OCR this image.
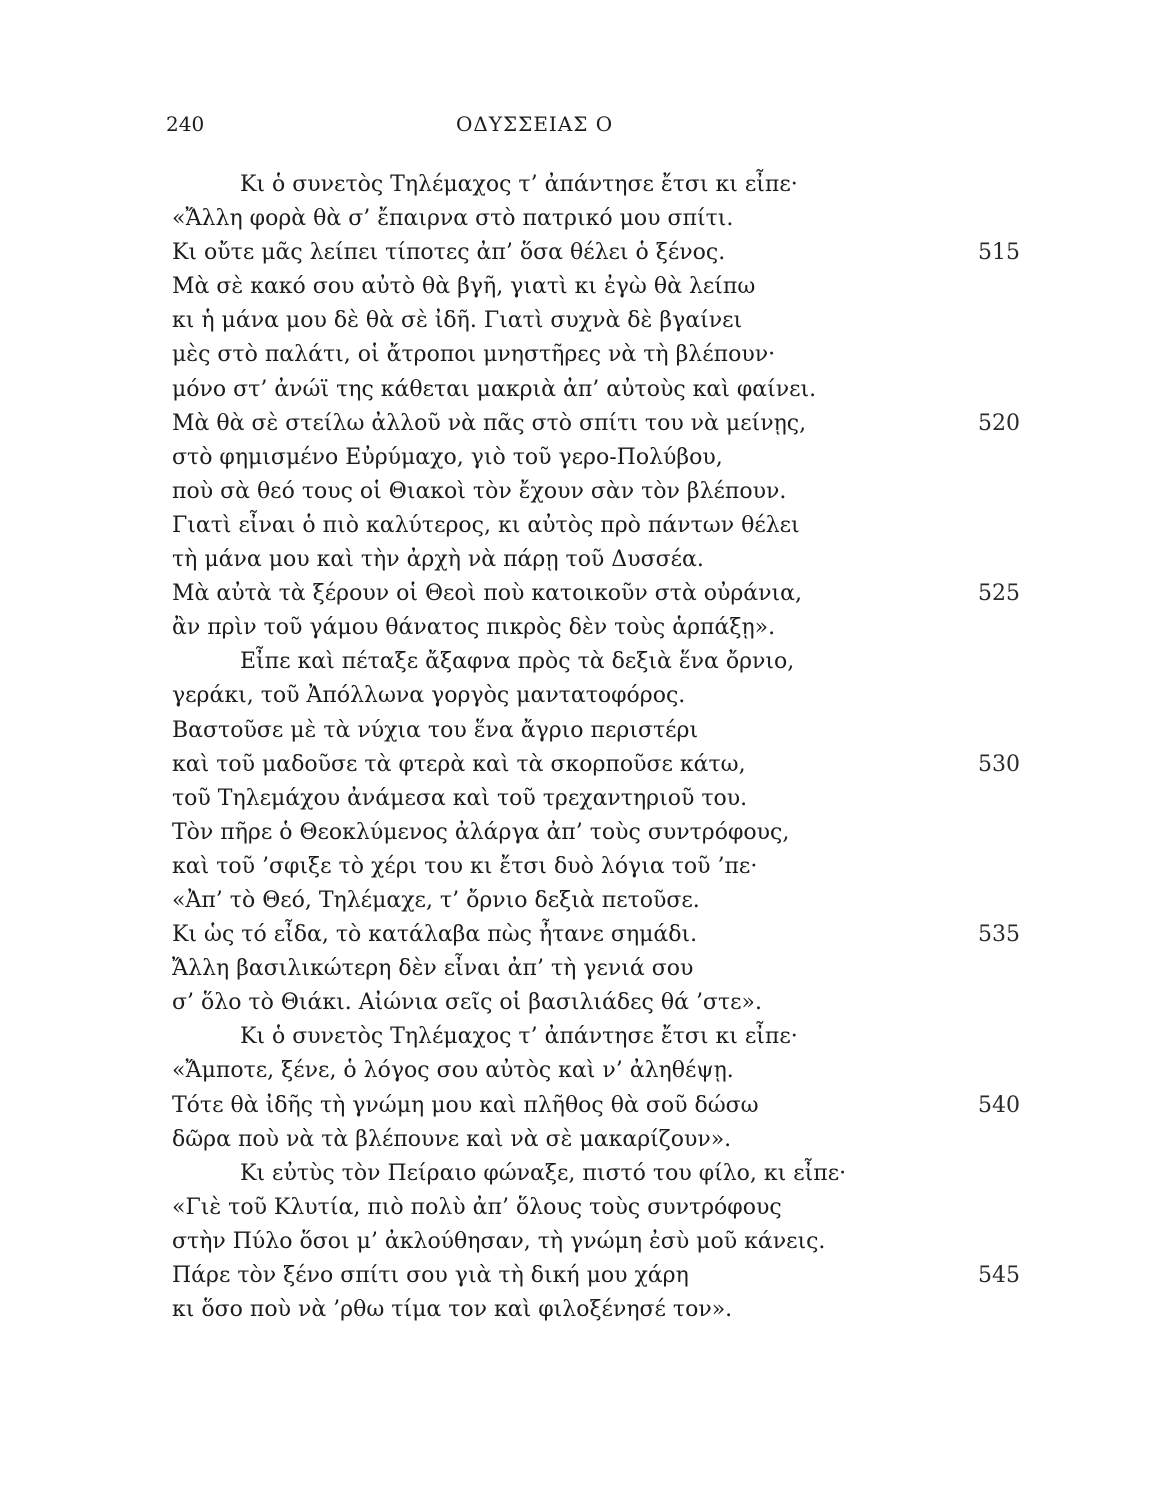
240	ΟΔΥΣΣΕΙΑΣ Ο
Κι ὁ συνετὸς Τηλέμαχος τ’ ἀπάντησε ἔτσι κι εἶπε·
«Ἄλλη φορὰ θὰ σ’ ἔπαιρνα στὸ πατρικό μου σπίτι.
Κι οὔτε μᾶς λείπει τίποτες ἀπ’ ὅσα θέλει ὁ ξένος.	515
Μὰ σὲ κακό σου αὐτὸ θὰ βγῆ, γιατὶ κι ἐγὼ θὰ λείπω
κι ἡ μάνα μου δὲ θὰ σὲ ἰδῆ. Γιατὶ συχνὰ δὲ βγαίνει
μὲς στὸ παλάτι, οἱ ἄτροποι μνηστῆρες νὰ τὴ βλέπουν·
μόνο στ’ ἀνώϊ της κάθεται μακριὰ ἀπ’ αὐτοὺς καὶ φαίνει.
Μὰ θὰ σὲ στείλω ἀλλοῦ νὰ πᾶς στὸ σπίτι του νὰ μείνῃς,	520
στὸ φημισμένο Εὐρύμαχο, γιὸ τοῦ γερο-Πολύβου,
ποὺ σὰ θεό τους οἱ Θιακοὶ τὸν ἔχουν σὰν τὸν βλέπουν.
Γιατὶ εἶναι ὁ πιὸ καλύτερος, κι αὐτὸς πρὸ πάντων θέλει
τὴ μάνα μου καὶ τὴν ἀρχὴ νὰ πάρῃ τοῦ Δυσσέα.
Μὰ αὐτὰ τὰ ξέρουν οἱ Θεοὶ ποὺ κατοικοῦν στὰ οὐράνια,	525
ἂν πρὶν τοῦ γάμου θάνατος πικρὸς δὲν τοὺς ἁρπάξῃ».
Εἶπε καὶ πέταξε ἄξαφνα πρὸς τὰ δεξιὰ ἕνα ὄρνιο,
γεράκι, τοῦ Ἀπόλλωνα γοργὸς μαντατοφόρος.
Βαστοῦσε μὲ τὰ νύχια του ἕνα ἄγριο περιστέρι
καὶ τοῦ μαδοῦσε τὰ φτερὰ καὶ τὰ σκορποῦσε κάτω,	530
τοῦ Τηλεμάχου ἀνάμεσα καὶ τοῦ τρεχαντηριοῦ του.
Τὸν πῆρε ὁ Θεοκλύμενος ἀλάργα ἀπ’ τοὺς συντρόφους,
καὶ τοῦ ’σφιξε τὸ χέρι του κι ἔτσι δυὸ λόγια τοῦ ’πε·
«Ἀπ’ τὸ Θεό, Τηλέμαχε, τ’ ὄρνιο δεξιὰ πετοῦσε.
Κι ὡς τό εἶδα, τὸ κατάλαβα πὼς ἦτανε σημάδι.	535
Ἄλλη βασιλικώτερη δὲν εἶναι ἀπ’ τὴ γενιά σου
σ’ ὅλο τὸ Θιάκι. Αἰώνια σεῖς οἱ βασιλιάδες θά ’στε».
Κι ὁ συνετὸς Τηλέμαχος τ’ ἀπάντησε ἔτσι κι εἶπε·
«Ἄμποτε, ξένε, ὁ λόγος σου αὐτὸς καὶ ν’ ἀληθέψῃ.
Τότε θὰ ἰδῆς τὴ γνώμη μου καὶ πλῆθος θὰ σοῦ δώσω	540
δῶρα ποὺ νὰ τὰ βλέπουνε καὶ νὰ σὲ μακαρίζουν».
Κι εὐτὺς τὸν Πείραιο φώναξε, πιστό του φίλο, κι εἶπε·
«Γιὲ τοῦ Κλυτία, πιὸ πολὺ ἀπ’ ὅλους τοὺς συντρόφους
στὴν Πύλο ὅσοι μ’ ἀκλούθησαν, τὴ γνώμη ἐσὺ μοῦ κάνεις.
Πάρε τὸν ξένο σπίτι σου γιὰ τὴ δική μου χάρη	545
κι ὅσο ποὺ νὰ ’ρθω τίμα τον καὶ φιλοξένησέ τον».
